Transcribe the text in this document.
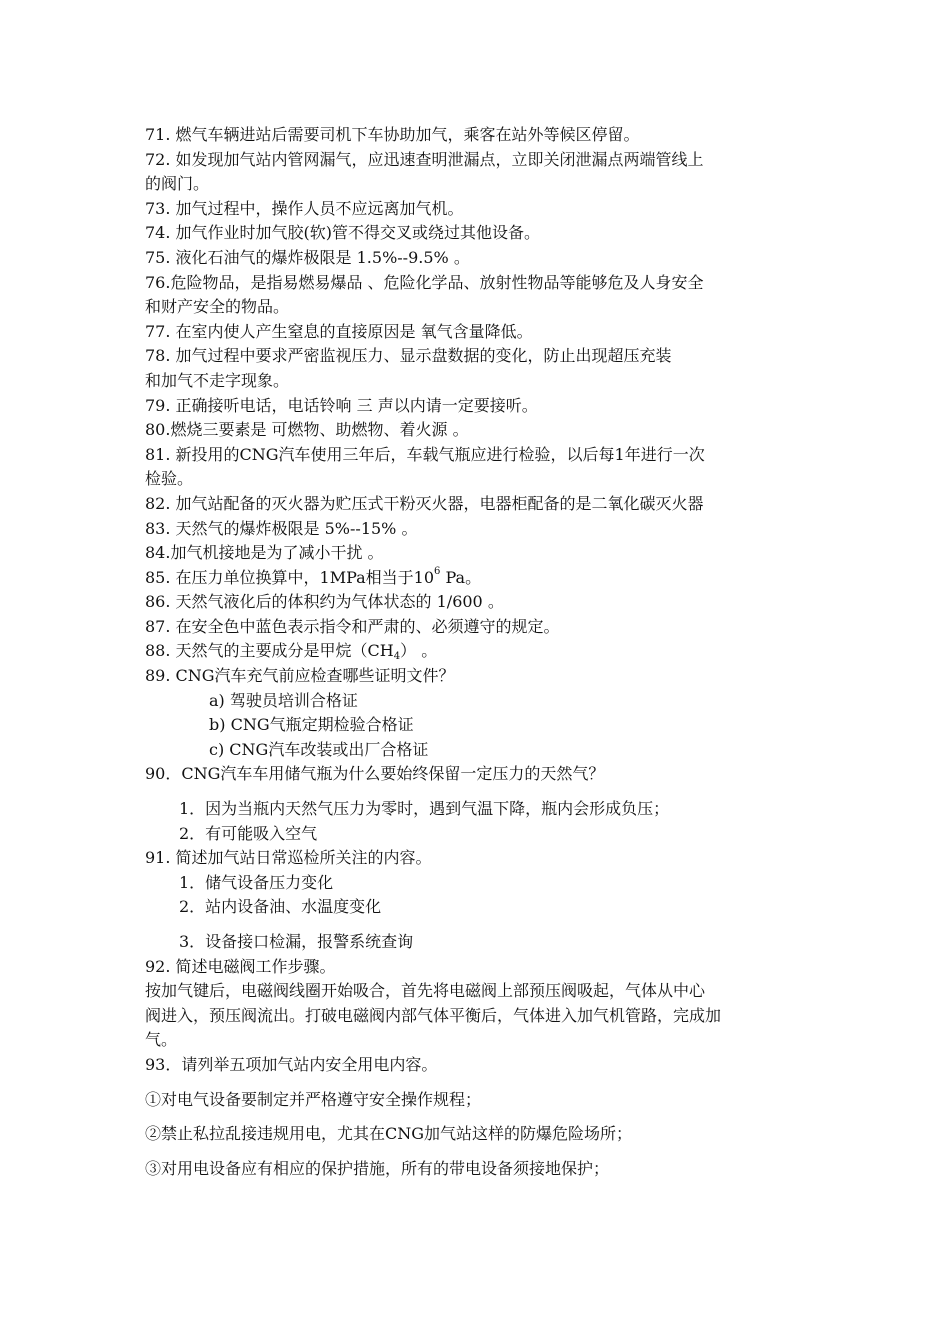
71. 燃气车辆进站后需要司机下车协助加气，乘客在站外等候区停留。
72. 如发现加气站内管网漏气，应迅速查明泄漏点，立即关闭泄漏点两端管线上
的阀门。
73. 加气过程中，操作人员不应远离加气机。
74. 加气作业时加气胶(软)管不得交叉或绕过其他设备。
75. 液化石油气的爆炸极限是 1.5%--9.5% 。
76.危险物品，是指易燃易爆品 、危险化学品、放射性物品等能够危及人身安全
和财产安全的物品。
77. 在室内使人产生窒息的直接原因是 氧气含量降低。
78. 加气过程中要求严密监视压力、显示盘数据的变化，防止出现超压充装
和加气不走字现象。
79. 正确接听电话，电话铃响 三 声以内请一定要接听。
80.燃烧三要素是 可燃物、助燃物、着火源 。
81. 新投用的CNG汽车使用三年后，车载气瓶应进行检验，以后每1年进行一次
检验。
82. 加气站配备的灭火器为贮压式干粉灭火器，电器柜配备的是二氧化碳灭火器
83. 天然气的爆炸极限是 5%--15% 。
84.加气机接地是为了减小干扰 。
85. 在压力单位换算中，1MPa相当于$10^6$ Pa。
86. 天然气液化后的体积约为气体状态的 1/600 。
87. 在安全色中蓝色表示指令和严肃的、必须遵守的规定。
88. 天然气的主要成分是甲烷$(CH_4)$ 。
89. CNG汽车充气前应检查哪些证明文件？
a) 驾驶员培训合格证
b) CNG气瓶定期检验合格证
c) CNG汽车改装或出厂合格证
90．CNG汽车车用储气瓶为什么要始终保留一定压力的天然气？
1．因为当瓶内天然气压力为零时，遇到气温下降，瓶内会形成负压；
2．有可能吸入空气
91. 简述加气站日常巡检所关注的内容。
1．储气设备压力变化
2．站内设备油、水温度变化
3．设备接口检漏，报警系统查询
92. 简述电磁阀工作步骤。
按加气键后，电磁阀线圈开始吸合，首先将电磁阀上部预压阀吸起，气体从中心
阀进入，预压阀流出。打破电磁阀内部气体平衡后，气体进入加气机管路，完成加
气。
93．请列举五项加气站内安全用电内容。
①对电气设备要制定并严格遵守安全操作规程；
②禁止私拉乱接违规用电，尤其在CNG加气站这样的防爆危险场所；
③对用电设备应有相应的保护措施，所有的带电设备须接地保护；
